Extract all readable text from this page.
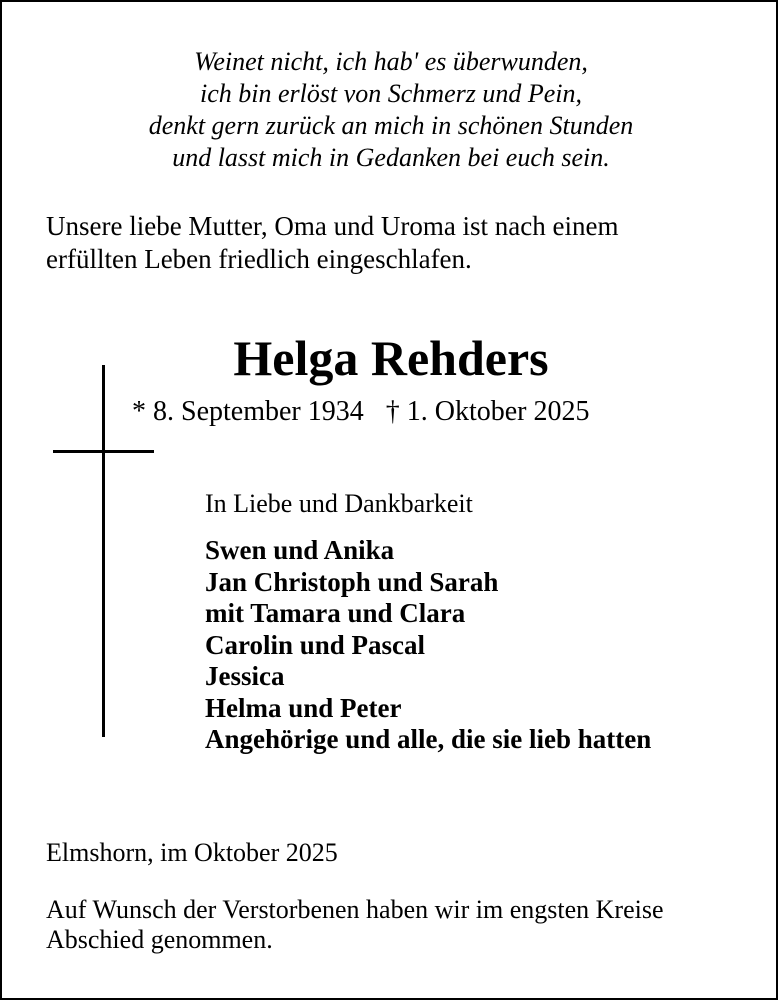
Weinet nicht, ich hab' es überwunden,
ich bin erlöst von Schmerz und Pein,
denkt gern zurück an mich in schönen Stunden
und lasst mich in Gedanken bei euch sein.
Unsere liebe Mutter, Oma und Uroma ist nach einem
erfüllten Leben friedlich eingeschlafen.
Helga Rehders
* 8. September 1934 † 1. Oktober 2025
In Liebe und Dankbarkeit
Swen und Anika
Jan Christoph und Sarah
mit Tamara und Clara
Carolin und Pascal
Jessica
Helma und Peter
Angehörige und alle, die sie lieb hatten
Elmshorn, im Oktober 2025
Auf Wunsch der Verstorbenen haben wir im engsten Kreise
Abschied genommen.
